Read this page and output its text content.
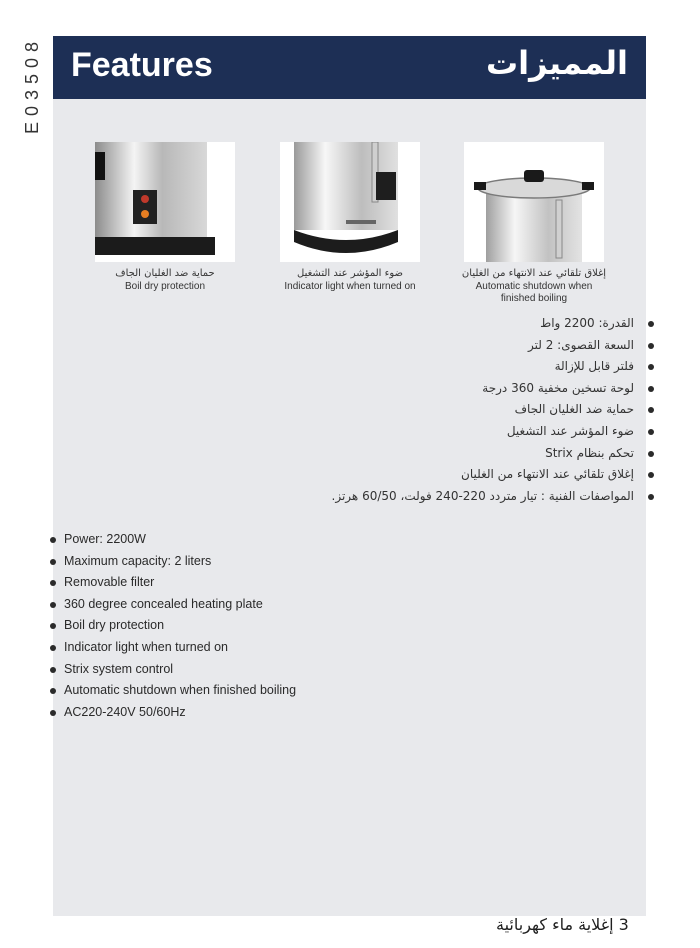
E03508 Features	المميزات
حماية ضد الغليان الجاف
Boil dry protection
ضوء المؤشر عند التشغيل
Indicator light when turned on
إغلاق تلقائي عند الانتهاء من الغليان
Automatic shutdown when finished boiling
القدرة: 2200 واط
السعة القصوى: 2 لتر
فلتر قابل للإزالة
لوحة تسخين مخفية 360 درجة
حماية ضد الغليان الجاف
ضوء المؤشر عند التشغيل
تحكم بنظام Strix
إغلاق تلقائي عند الانتهاء من الغليان
المواصفات الفنية : تيار متردد 220-240 فولت، 60/50 هرتز.
Power: 2200W
Maximum capacity: 2 liters
Removable filter
360 degree concealed heating plate
Boil dry protection
Indicator light when turned on
Strix system control
Automatic shutdown when finished boiling
AC220-240V 50/60Hz
3 إغلاية ماء كهربائية
